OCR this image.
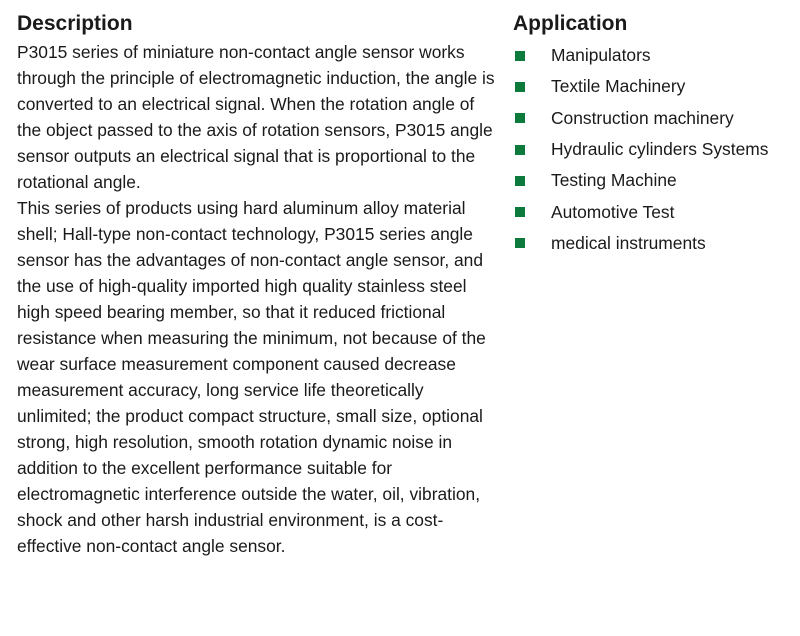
Description

P3015 series of miniature non-contact angle sensor works through the principle of electromagnetic induction, the angle is converted to an electrical signal. When the rotation angle of the object passed to the axis of rotation sensors, P3015 angle sensor outputs an electrical signal that is proportional to the rotational angle.

This series of products using hard aluminum alloy material shell; Hall-type non-contact technology, P3015 series angle sensor has the advantages of non-contact angle sensor, and the use of high-quality imported high quality stainless steel high speed bearing member, so that it reduced frictional resistance when measuring the minimum, not because of the wear surface measurement component caused decrease measurement accuracy, long service life theoretically unlimited; the product compact structure, small size, optional strong, high resolution, smooth rotation dynamic noise in addition to the excellent performance suitable for electromagnetic interference outside the water, oil, vibration, shock and other harsh industrial environment, is a cost-effective non-contact angle sensor.

Application
Manipulators
Textile Machinery
Construction machinery
Hydraulic cylinders Systems
Testing Machine
Automotive Test
medical instruments
